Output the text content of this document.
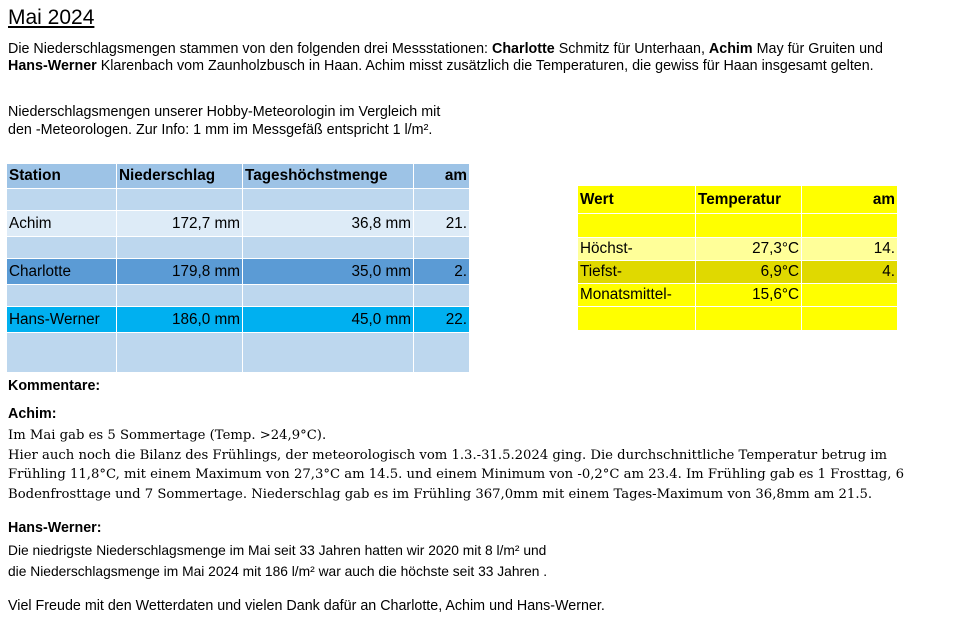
Mai 2024
Die Niederschlagsmengen stammen von den folgenden drei Messstationen: Charlotte Schmitz für Unterhaan, Achim May für Gruiten und Hans-Werner Klarenbach vom Zaunholzbusch in Haan. Achim misst zusätzlich die Temperaturen, die gewiss für Haan insgesamt gelten.
Niederschlagsmengen unserer Hobby-Meteorologin im Vergleich mit
den -Meteorologen. Zur Info: 1 mm im Messgefäß entspricht 1 l/m².
Station	Niederschlag	Tageshöchstmenge	am

Achim	172,7 mm	36,8 mm	21.

Charlotte	179,8 mm	35,0 mm	2.

Hans-Werner	186,0 mm	45,0 mm	22.

Wert	Temperatur	am

Höchst-	27,3°C	14.
Tiefst-	6,9°C	4.
Monatsmittel-	15,6°C	

Kommentare:
Achim:
Im Mai gab es 5 Sommertage (Temp. >24,9°C).
Hier auch noch die Bilanz des Frühlings, der meteorologisch vom 1.3.-31.5.2024 ging. Die durchschnittliche Temperatur betrug im Frühling 11,8°C, mit einem Maximum von 27,3°C am 14.5. und einem Minimum von -0,2°C am 23.4. Im Frühling gab es 1 Frosttag, 6 Bodenfrosttage und 7 Sommertage. Niederschlag gab es im Frühling 367,0mm mit einem Tages-Maximum von 36,8mm am 21.5.
Hans-Werner:
Die niedrigste Niederschlagsmenge im Mai seit 33 Jahren hatten wir 2020 mit 8 l/m² und
die Niederschlagsmenge im Mai 2024 mit 186 l/m² war auch die höchste seit 33 Jahren .
Viel Freude mit den Wetterdaten und vielen Dank dafür an Charlotte, Achim und Hans-Werner.
